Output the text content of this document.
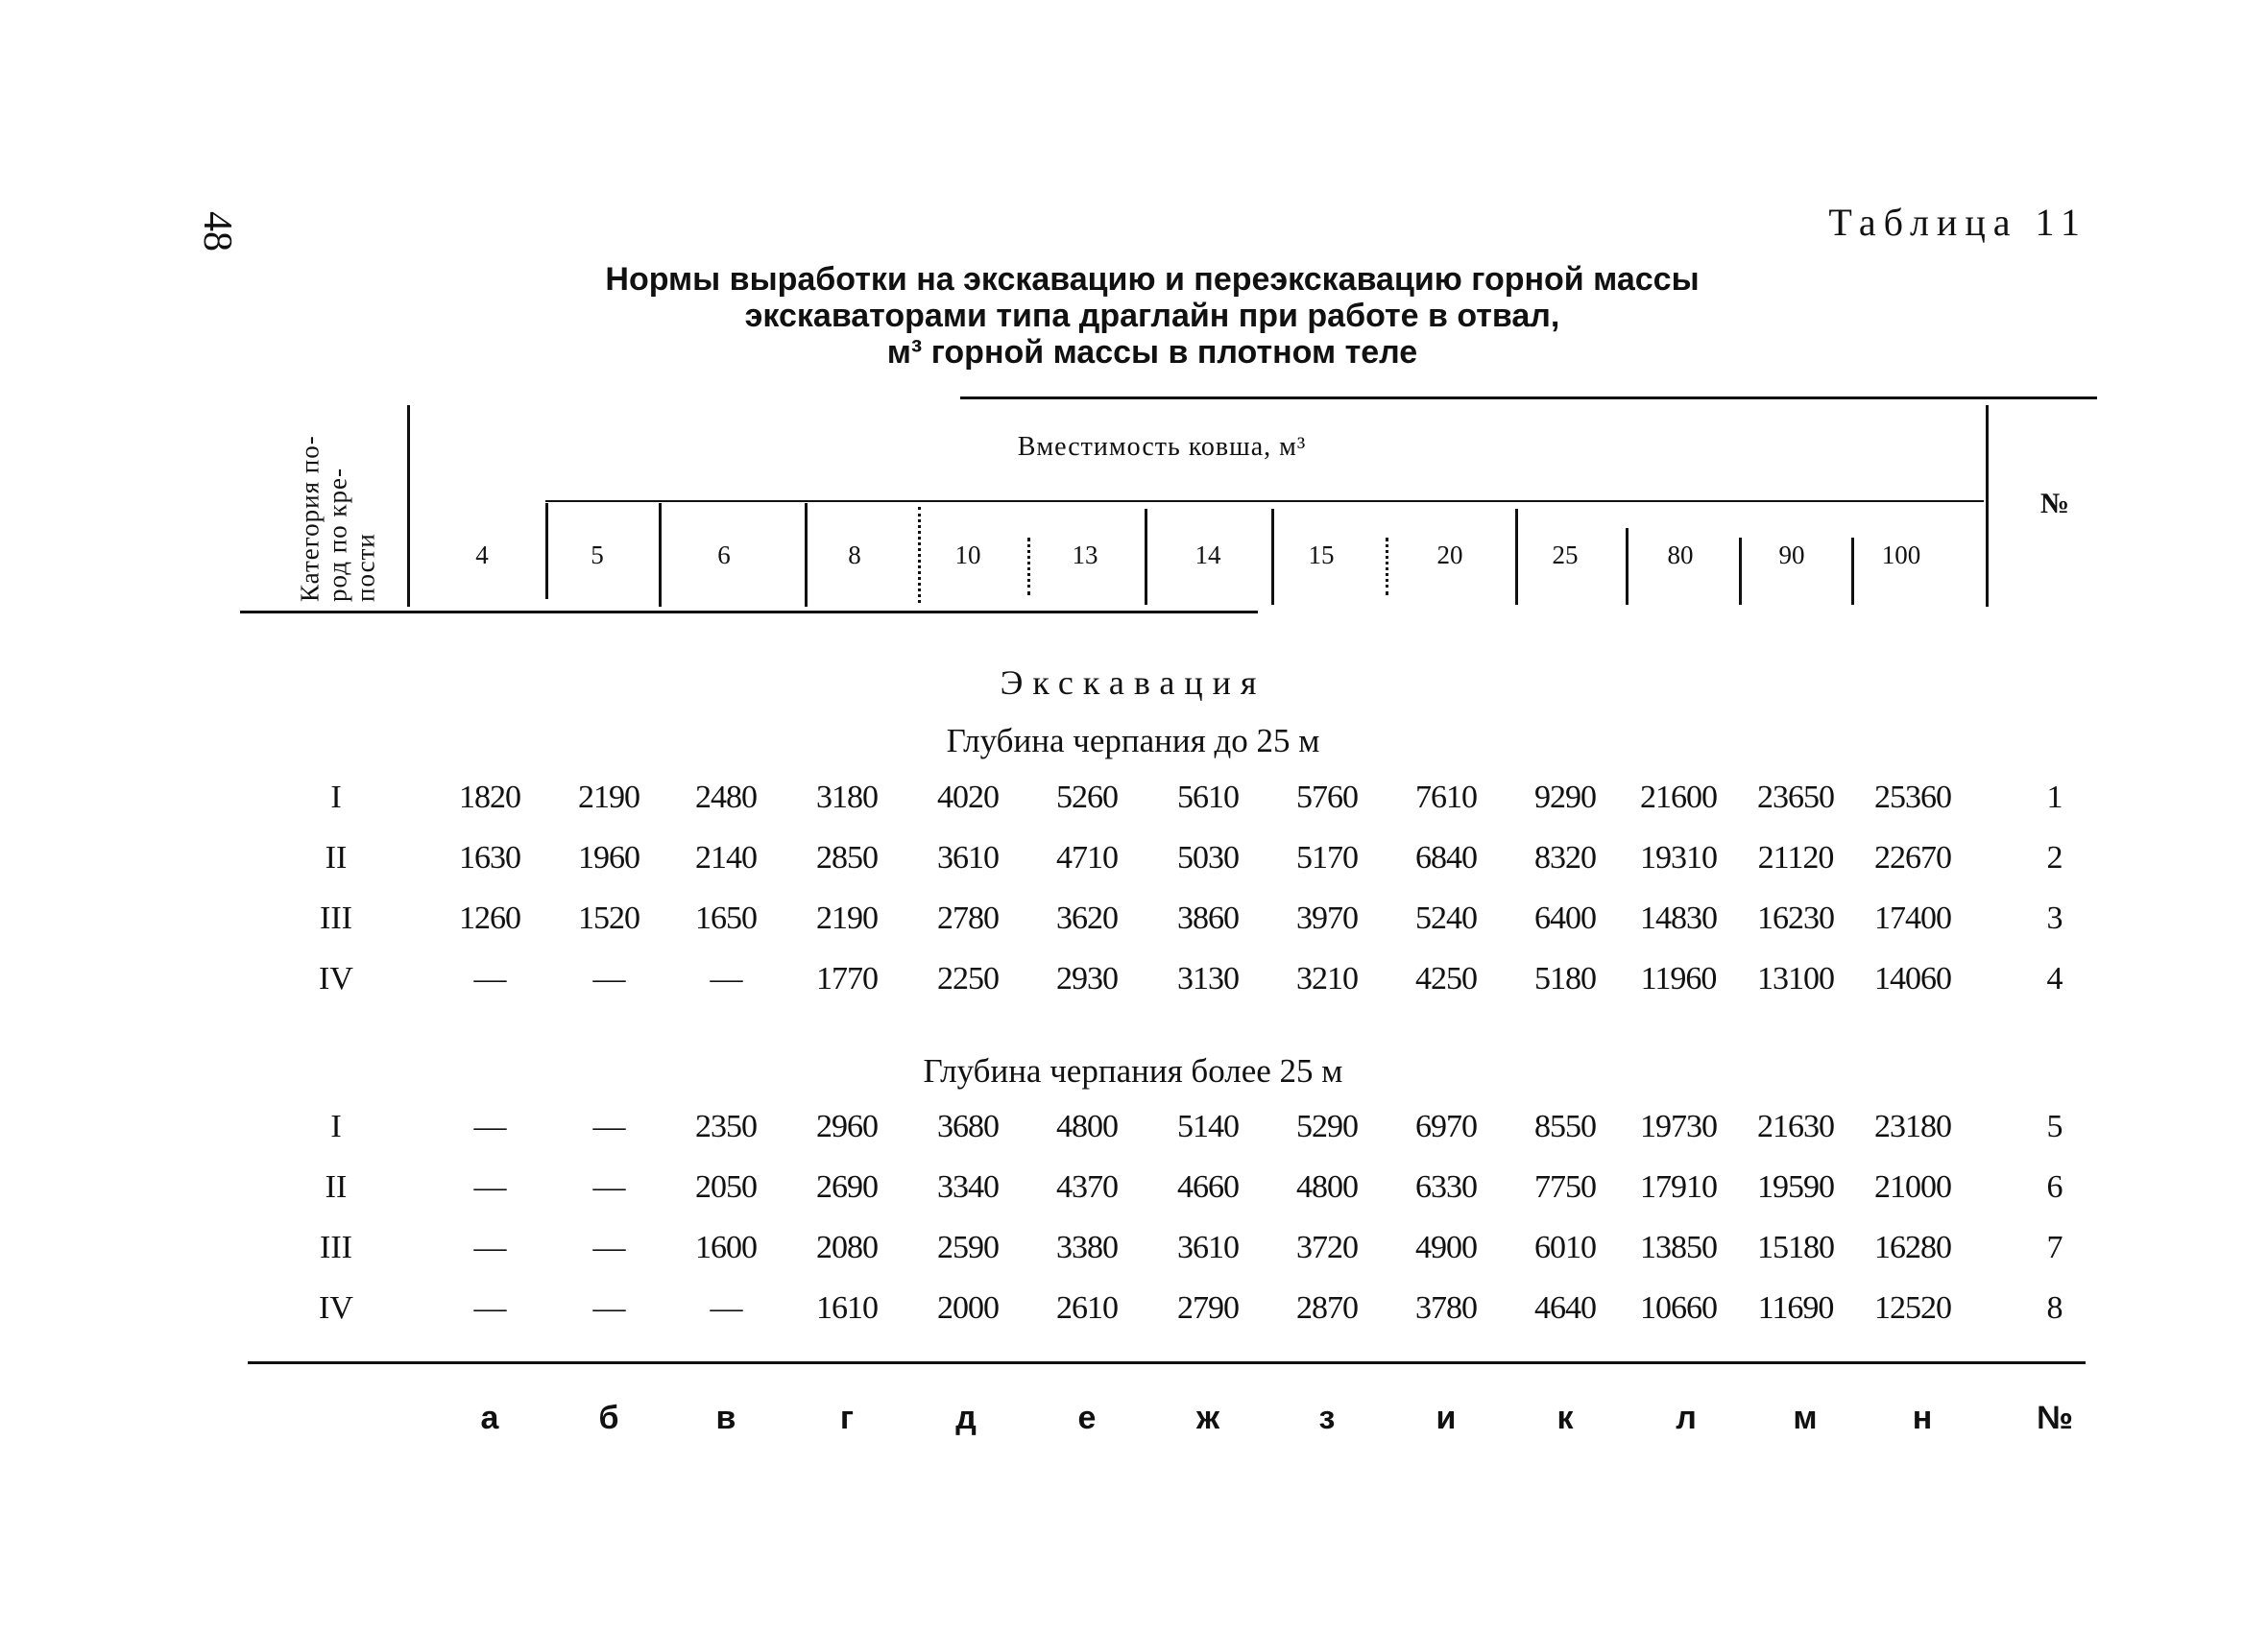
48	Таблица 11
Нормы выработки на экскавацию и переэкскавацию горной массы
экскаваторами типа драглайн при работе в отвал,
м³ горной массы в плотном теле
Категория по-род по кре-пости
Вместимость ковша, м³
№
4	5	6	8	10	13	14	15	20	25	80	90	100
Экскавация
Глубина черпания до 25 м
I	1820	2190	2480	3180	4020	5260	5610	5760	7610	9290	21600	23650	25360	1
II	1630	1960	2140	2850	3610	4710	5030	5170	6840	8320	19310	21120	22670	2
III	1260	1520	1650	2190	2780	3620	3860	3970	5240	6400	14830	16230	17400	3
IV	—	—	—	1770	2250	2930	3130	3210	4250	5180	11960	13100	14060	4
Глубина черпания более 25 м
I	—	—	2350	2960	3680	4800	5140	5290	6970	8550	19730	21630	23180	5
II	—	—	2050	2690	3340	4370	4660	4800	6330	7750	17910	19590	21000	6
III	—	—	1600	2080	2590	3380	3610	3720	4900	6010	13850	15180	16280	7
IV	—	—	—	1610	2000	2610	2790	2870	3780	4640	10660	11690	12520	8
а	б	в	г	д	е	ж	з	и	к	л	м	н	№
